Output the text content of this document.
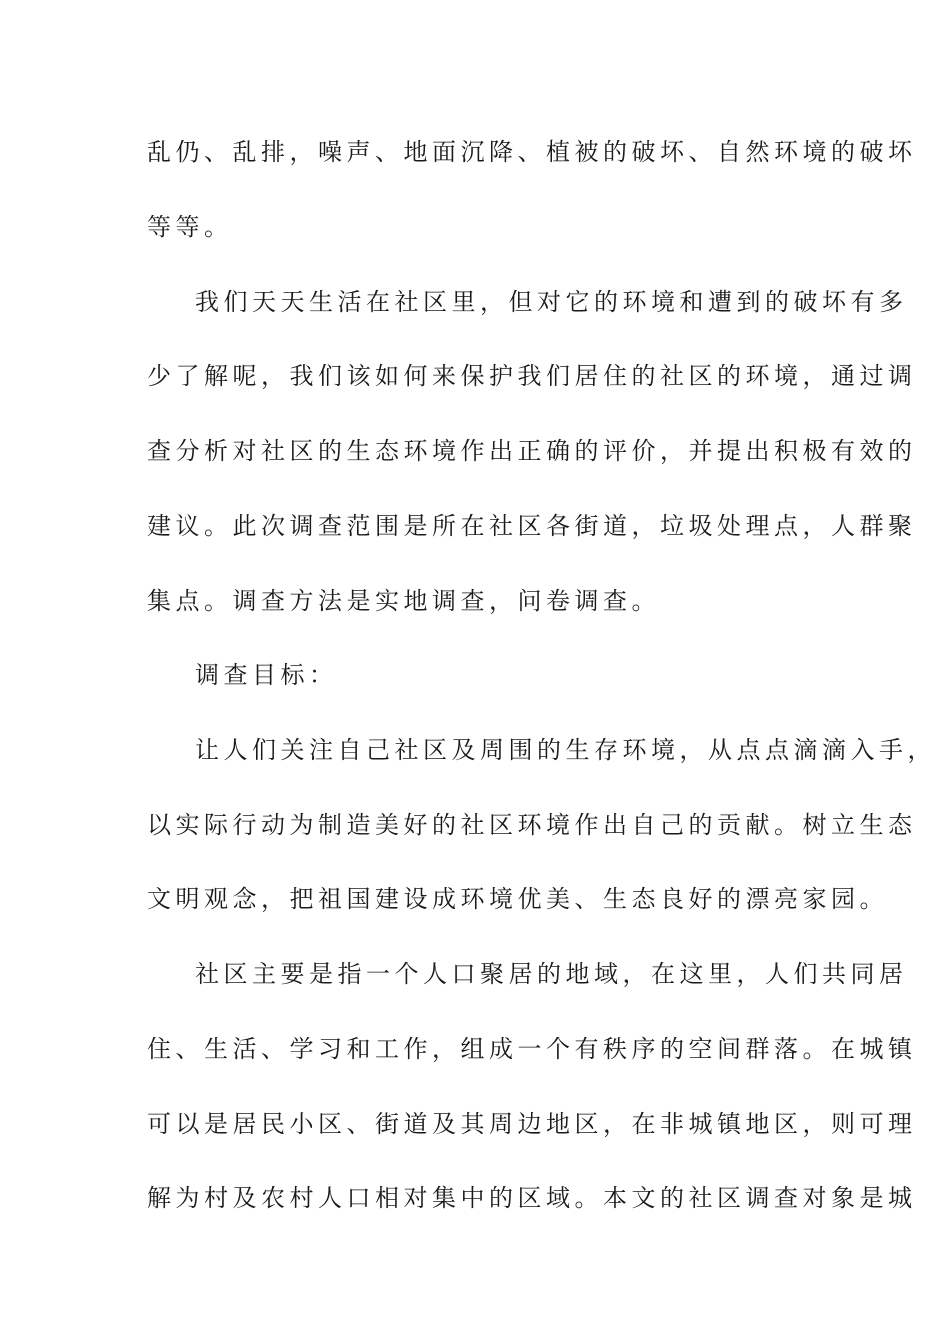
乱仍、乱排，噪声、地面沉降、植被的破坏、自然环境的破坏
等等。
我们天天生活在社区里，但对它的环境和遭到的破坏有多
少了解呢，我们该如何来保护我们居住的社区的环境，通过调
查分析对社区的生态环境作出正确的评价，并提出积极有效的
建议。此次调查范围是所在社区各街道，垃圾处理点，人群聚
集点。调查方法是实地调查，问卷调查。
调查目标：
让人们关注自己社区及周围的生存环境，从点点滴滴入手，
以实际行动为制造美好的社区环境作出自己的贡献。树立生态
文明观念，把祖国建设成环境优美、生态良好的漂亮家园。
社区主要是指一个人口聚居的地域，在这里，人们共同居
住、生活、学习和工作，组成一个有秩序的空间群落。在城镇
可以是居民小区、街道及其周边地区，在非城镇地区，则可理
解为村及农村人口相对集中的区域。本文的社区调查对象是城
